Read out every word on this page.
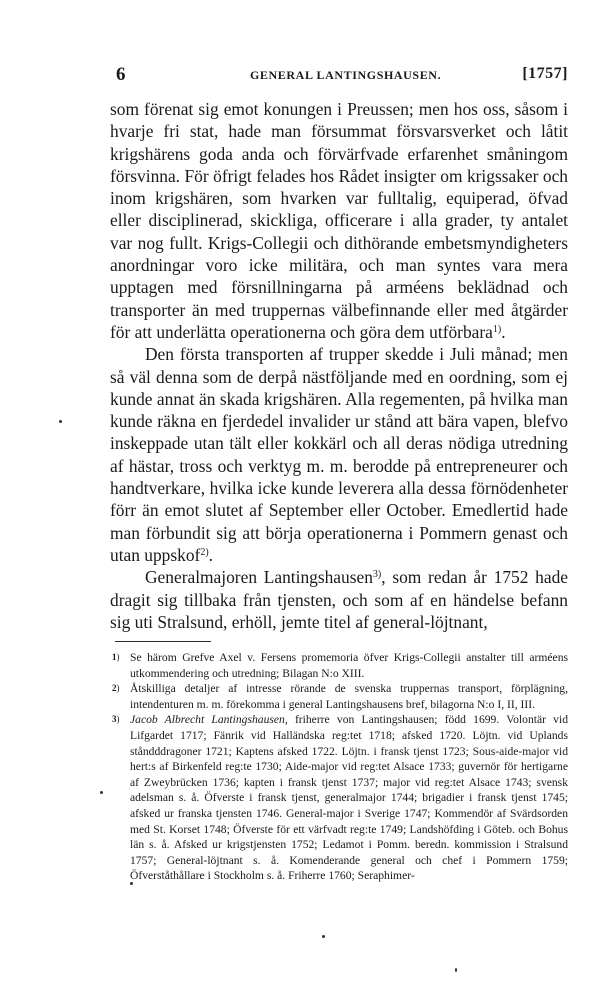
6	GENERAL LANTINGSHAUSEN.	[1757]

som förenat sig emot konungen i Preussen; men hos oss, såsom i hvarje fri stat, hade man försummat försvarsverket och låtit krigshärens goda anda och förvärfvade erfarenhet småningom försvinna. För öfrigt felades hos Rådet insigter om krigssaker och inom krigshären, som hvarken var fulltalig, equiperad, öfvad eller disciplinerad, skickliga, officerare i alla grader, ty antalet var nog fullt. Krigs-Collegii och dithörande embetsmyndigheters anordningar voro icke militära, och man syntes vara mera upptagen med försnillningarna på arméens beklädnad och transporter än med truppernas välbefinnande eller med åtgärder för att underlätta operationerna och göra dem utförbara$^{1)}$.

Den första transporten af trupper skedde i Juli månad; men så väl denna som de derpå nästföljande med en oordning, som ej kunde annat än skada krigshären. Alla regementen, på hvilka man kunde räkna en fjerdedel invalider ur stånd att bära vapen, blefvo inskeppade utan tält eller kokkärl och all deras nödiga utredning af hästar, tross och verktyg m. m. berodde på entrepreneurer och handtverkare, hvilka icke kunde leverera alla dessa förnödenheter förr än emot slutet af September eller October. Emedlertid hade man förbundit sig att börja operationerna i Pommern genast och utan uppskof$^{2)}$.

Generalmajoren Lantingshausen$^{3)}$, som redan år 1752 hade dragit sig tillbaka från tjensten, och som af en händelse befann sig uti Stralsund, erhöll, jemte titel af general-löjtnant,

1) Se härom Grefve Axel v. Fersens promemoria öfver Krigs-Collegii anstalter till arméens utkommendering och utredning; Bilagan N:o XIII.

2) Åtskilliga detaljer af intresse rörande de svenska truppernas transport, förplägning, intendenturen m. m. förekomma i general Lantingshausens bref, bilagorna N:o I, II, III.

3) Jacob Albrecht Lantingshausen, friherre von Lantingshausen; född 1699. Volontär vid Lifgardet 1717; Fänrik vid Halländska reg:tet 1718; afsked 1720. Löjtn. vid Uplands ståndddragoner 1721; Kaptens afsked 1722. Löjtn. i fransk tjenst 1723; Sous-aide-major vid hert:s af Birkenfeld reg:te 1730; Aide-major vid reg:tet Alsace 1733; guvernör för hertigarne af Zweybrücken 1736; kapten i fransk tjenst 1737; major vid reg:tet Alsace 1743; svensk adelsman s. å. Öfverste i fransk tjenst, generalmajor 1744; brigadier i fransk tjenst 1745; afsked ur franska tjensten 1746. General-major i Sverige 1747; Kommendör af Svärdsorden med St. Korset 1748; Öfverste för ett värfvadt reg:te 1749; Landshöfding i Göteb. och Bohus län s. å. Afsked ur krigstjensten 1752; Ledamot i Pomm. beredn. kommission i Stralsund 1757; General-löjtnant s. å. Komenderande general och chef i Pommern 1759; Öfverståthållare i Stockholm s. å. Friherre 1760; Seraphimer-
